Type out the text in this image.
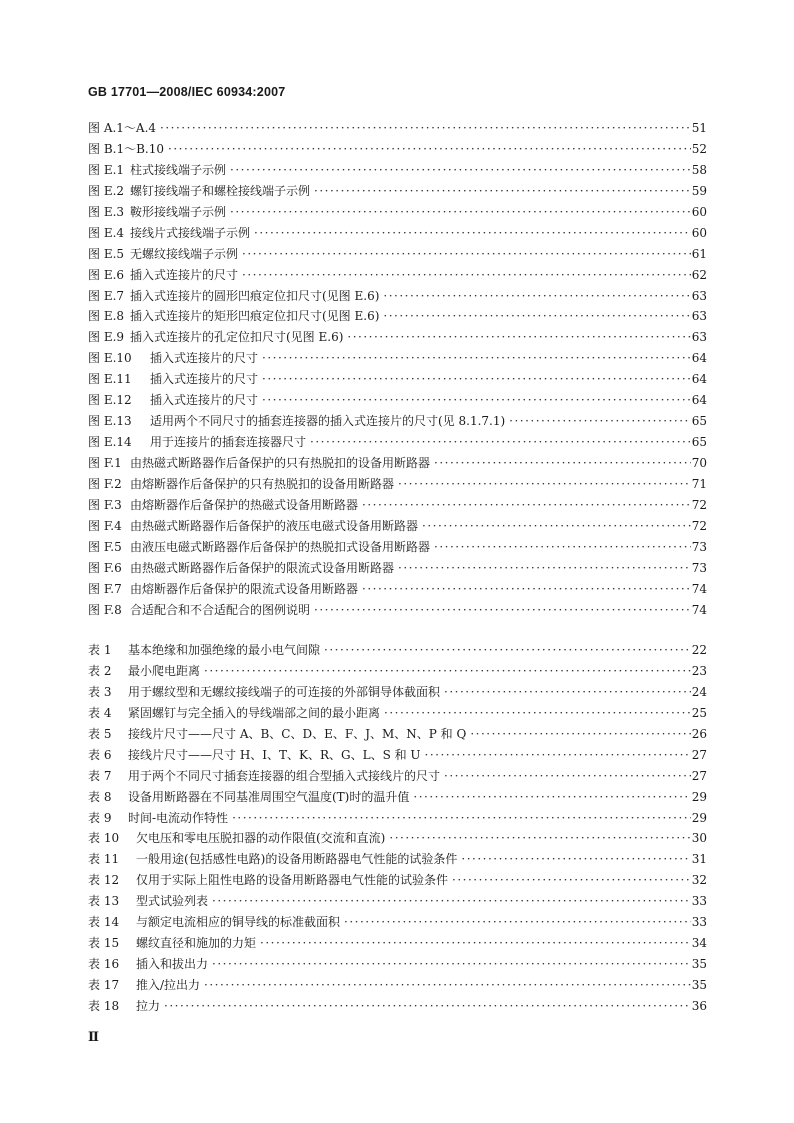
GB 17701—2008/IEC 60934:2007
图 A.1～A.4 ·····	51
图 B.1～B.10 ·····	52
图 E.1 柱式接线端子示例 ·····	58
图 E.2 螺钉接线端子和螺栓接线端子示例 ·····	59
图 E.3 鞍形接线端子示例 ·····	60
图 E.4 接线片式接线端子示例 ·····	60
图 E.5 无螺纹接线端子示例 ·····	61
图 E.6 插入式连接片的尺寸 ·····	62
图 E.7 插入式连接片的圆形凹痕定位扣尺寸(见图 E.6) ·····	63
图 E.8 插入式连接片的矩形凹痕定位扣尺寸(见图 E.6) ·····	63
图 E.9 插入式连接片的孔定位扣尺寸(见图 E.6) ·····	63
图 E.10 插入式连接片的尺寸 ·····	64
图 E.11 插入式连接片的尺寸 ·····	64
图 E.12 插入式连接片的尺寸 ·····	64
图 E.13 适用两个不同尺寸的插套连接器的插入式连接片的尺寸(见 8.1.7.1) ·····	65
图 E.14 用于连接片的插套连接器尺寸 ·····	65
图 F.1 由热磁式断路器作后备保护的只有热脱扣的设备用断路器 ·····	70
图 F.2 由熔断器作后备保护的只有热脱扣的设备用断路器 ·····	71
图 F.3 由熔断器作后备保护的热磁式设备用断路器 ·····	72
图 F.4 由热磁式断路器作后备保护的液压电磁式设备用断路器 ·····	72
图 F.5 由液压电磁式断路器作后备保护的热脱扣式设备用断路器 ·····	73
图 F.6 由热磁式断路器作后备保护的限流式设备用断路器 ·····	73
图 F.7 由熔断器作后备保护的限流式设备用断路器 ·····	74
图 F.8 合适配合和不合适配合的图例说明 ·····	74
表 1 基本绝缘和加强绝缘的最小电气间隙 ·····	22
表 2 最小爬电距离 ·····	23
表 3 用于螺纹型和无螺纹接线端子的可连接的外部铜导体截面积 ·····	24
表 4 紧固螺钉与完全插入的导线端部之间的最小距离 ·····	25
表 5 接线片尺寸——尺寸 A、B、C、D、E、F、J、M、N、P 和 Q ·····	26
表 6 接线片尺寸——尺寸 H、I、T、K、R、G、L、S 和 U ·····	27
表 7 用于两个不同尺寸插套连接器的组合型插入式接线片的尺寸 ·····	27
表 8 设备用断路器在不同基准周围空气温度(T)时的温升值 ·····	29
表 9 时间-电流动作特性 ·····	29
表 10 欠电压和零电压脱扣器的动作限值(交流和直流) ·····	30
表 11 一般用途(包括感性电路)的设备用断路器电气性能的试验条件 ·····	31
表 12 仅用于实际上阻性电路的设备用断路器电气性能的试验条件 ·····	32
表 13 型式试验列表 ·····	33
表 14 与额定电流相应的铜导线的标准截面积 ·····	33
表 15 螺纹直径和施加的力矩 ·····	34
表 16 插入和拔出力 ·····	35
表 17 推入/拉出力 ·····	35
表 18 拉力 ·····	36
Ⅱ
